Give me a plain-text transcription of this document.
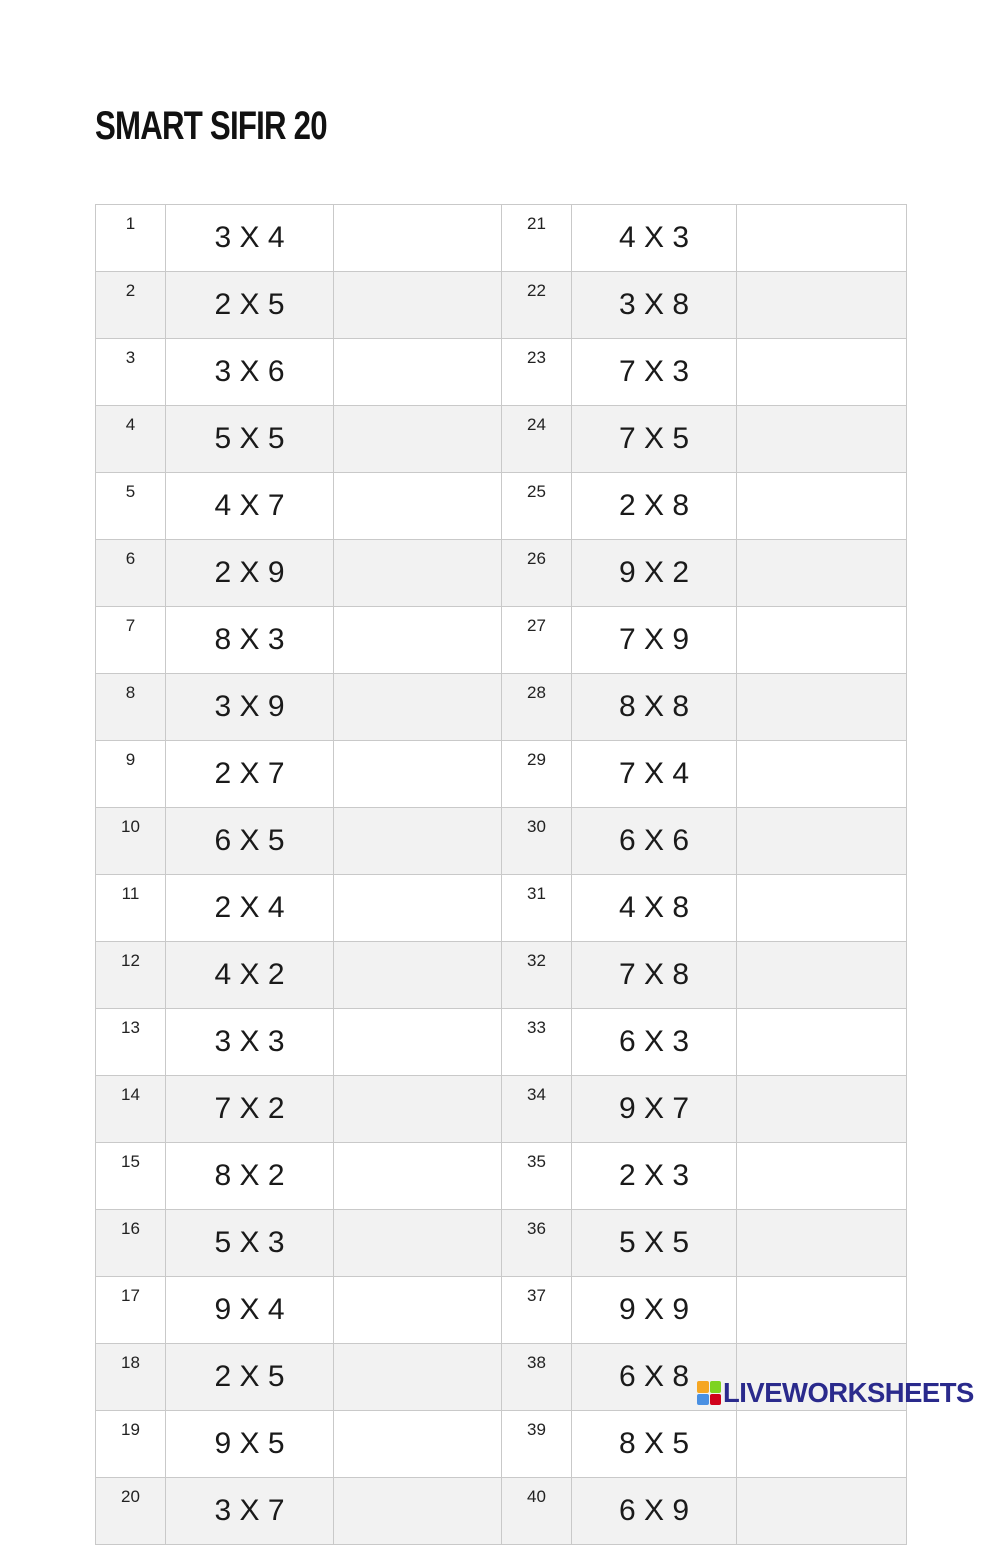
SMART SIFIR 20
1	3 X 4		21	4 X 3	
2	2 X 5		22	3 X 8	
3	3 X 6		23	7 X 3	
4	5 X 5		24	7 X 5	
5	4 X 7		25	2 X 8	
6	2 X 9		26	9 X 2	
7	8 X 3		27	7 X 9	
8	3 X 9		28	8 X 8	
9	2 X 7		29	7 X 4	
10	6 X 5		30	6 X 6	
11	2 X 4		31	4 X 8	
12	4 X 2		32	7 X 8	
13	3 X 3		33	6 X 3	
14	7 X 2		34	9 X 7	
15	8 X 2		35	2 X 3	
16	5 X 3		36	5 X 5	
17	9 X 4		37	9 X 9	
18	2 X 5		38	6 X 8	
19	9 X 5		39	8 X 5	
20	3 X 7		40	6 X 9	
LIVEWORKSHEETS
